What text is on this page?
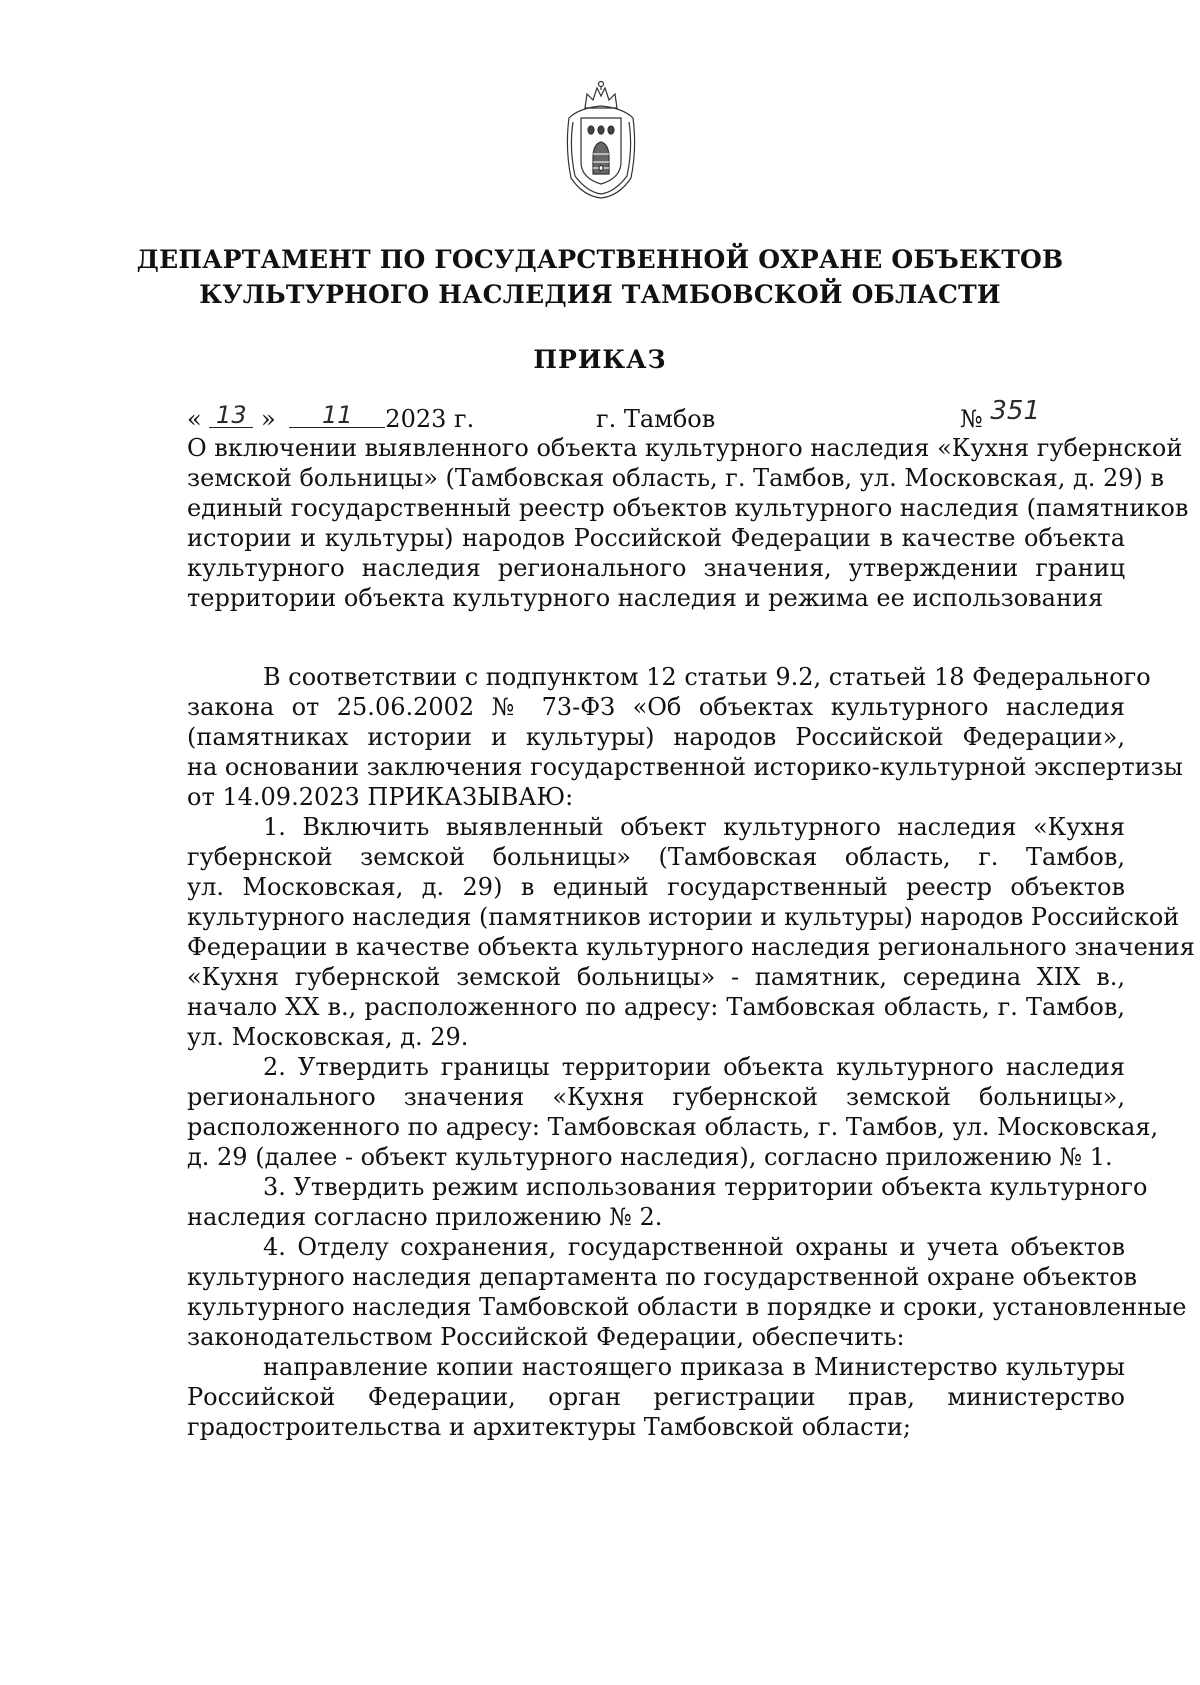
ДЕПАРТАМЕНТ ПО ГОСУДАРСТВЕННОЙ ОХРАНЕ ОБЪЕКТОВ
КУЛЬТУРНОГО НАСЛЕДИЯ ТАМБОВСКОЙ ОБЛАСТИ
ПРИКАЗ
« 13 » 11 2023 г.	г. Тамбов	№ 351
О включении выявленного объекта культурного наследия «Кухня губернской
земской больницы» (Тамбовская область, г. Тамбов, ул. Московская, д. 29) в
единый государственный реестр объектов культурного наследия (памятников
истории и культуры) народов Российской Федерации в качестве объекта
культурного наследия регионального значения, утверждении границ
территории объекта культурного наследия и режима ее использования
В соответствии с подпунктом 12 статьи 9.2, статьей 18 Федерального
закона от 25.06.2002 № 73-ФЗ «Об объектах культурного наследия
(памятниках истории и культуры) народов Российской Федерации»,
на основании заключения государственной историко-культурной экспертизы
от 14.09.2023 ПРИКАЗЫВАЮ:
1. Включить выявленный объект культурного наследия «Кухня
губернской земской больницы» (Тамбовская область, г. Тамбов,
ул. Московская, д. 29) в единый государственный реестр объектов
культурного наследия (памятников истории и культуры) народов Российской
Федерации в качестве объекта культурного наследия регионального значения
«Кухня губернской земской больницы» - памятник, середина XIX в.,
начало XX в., расположенного по адресу: Тамбовская область, г. Тамбов,
ул. Московская, д. 29.
2. Утвердить границы территории объекта культурного наследия
регионального значения «Кухня губернской земской больницы»,
расположенного по адресу: Тамбовская область, г. Тамбов, ул. Московская,
д. 29 (далее - объект культурного наследия), согласно приложению № 1.
3. Утвердить режим использования территории объекта культурного
наследия согласно приложению № 2.
4. Отделу сохранения, государственной охраны и учета объектов
культурного наследия департамента по государственной охране объектов
культурного наследия Тамбовской области в порядке и сроки, установленные
законодательством Российской Федерации, обеспечить:
направление копии настоящего приказа в Министерство культуры
Российской Федерации, орган регистрации прав, министерство
градостроительства и архитектуры Тамбовской области;
